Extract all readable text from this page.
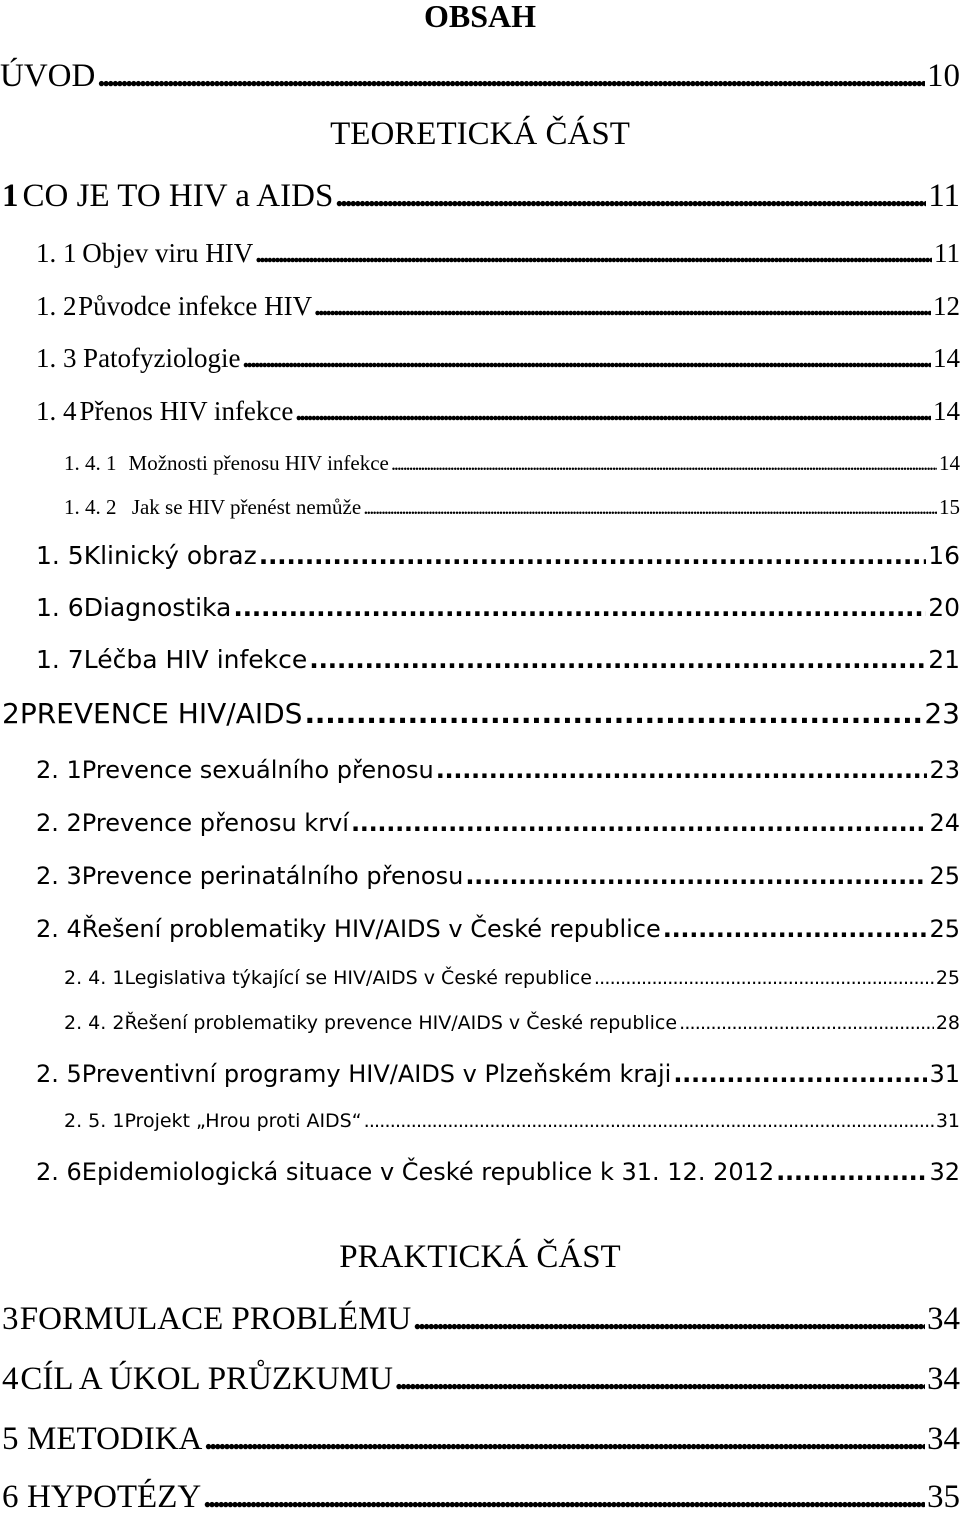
OBSAH
ÚVOD . . .	10
TEORETICKÁ ČÁST
1 CO JE TO HIV a AIDS . . .	11
1. 1 Objev viru HIV . . .	11
1. 2 Původce infekce HIV . . .	12
1. 3 Patofyziologie . . .	14
1. 4 Přenos HIV infekce . . .	14
1. 4. 1 Možnosti přenosu HIV infekce . . .	14
1. 4. 2 Jak se HIV přenést nemůže . . .	15
1. 5 Klinický obraz . . .	16
1. 6 Diagnostika . . .	20
1. 7 Léčba HIV infekce . . .	21
2 PREVENCE HIV/AIDS . . .	23
2. 1 Prevence sexuálního přenosu . . .	23
2. 2 Prevence přenosu krví . . .	24
2. 3 Prevence perinatálního přenosu . . .	25
2. 4 Řešení problematiky HIV/AIDS v České republice . . .	25
2. 4. 1 Legislativa týkající se HIV/AIDS v České republice . . .	25
2. 4. 2 Řešení problematiky prevence HIV/AIDS v České republice . . .	28
2. 5 Preventivní programy HIV/AIDS v Plzeňském kraji . . .	31
2. 5. 1 Projekt „Hrou proti AIDS“ . . .	31
2. 6 Epidemiologická situace v České republice k 31. 12. 2012 . . .	32
PRAKTICKÁ ČÁST
3 FORMULACE PROBLÉMU . . .	34
4 CÍL A ÚKOL PRŮZKUMU . . .	34
5 METODIKA . . .	34
6 HYPOTÉZY . . .	35
